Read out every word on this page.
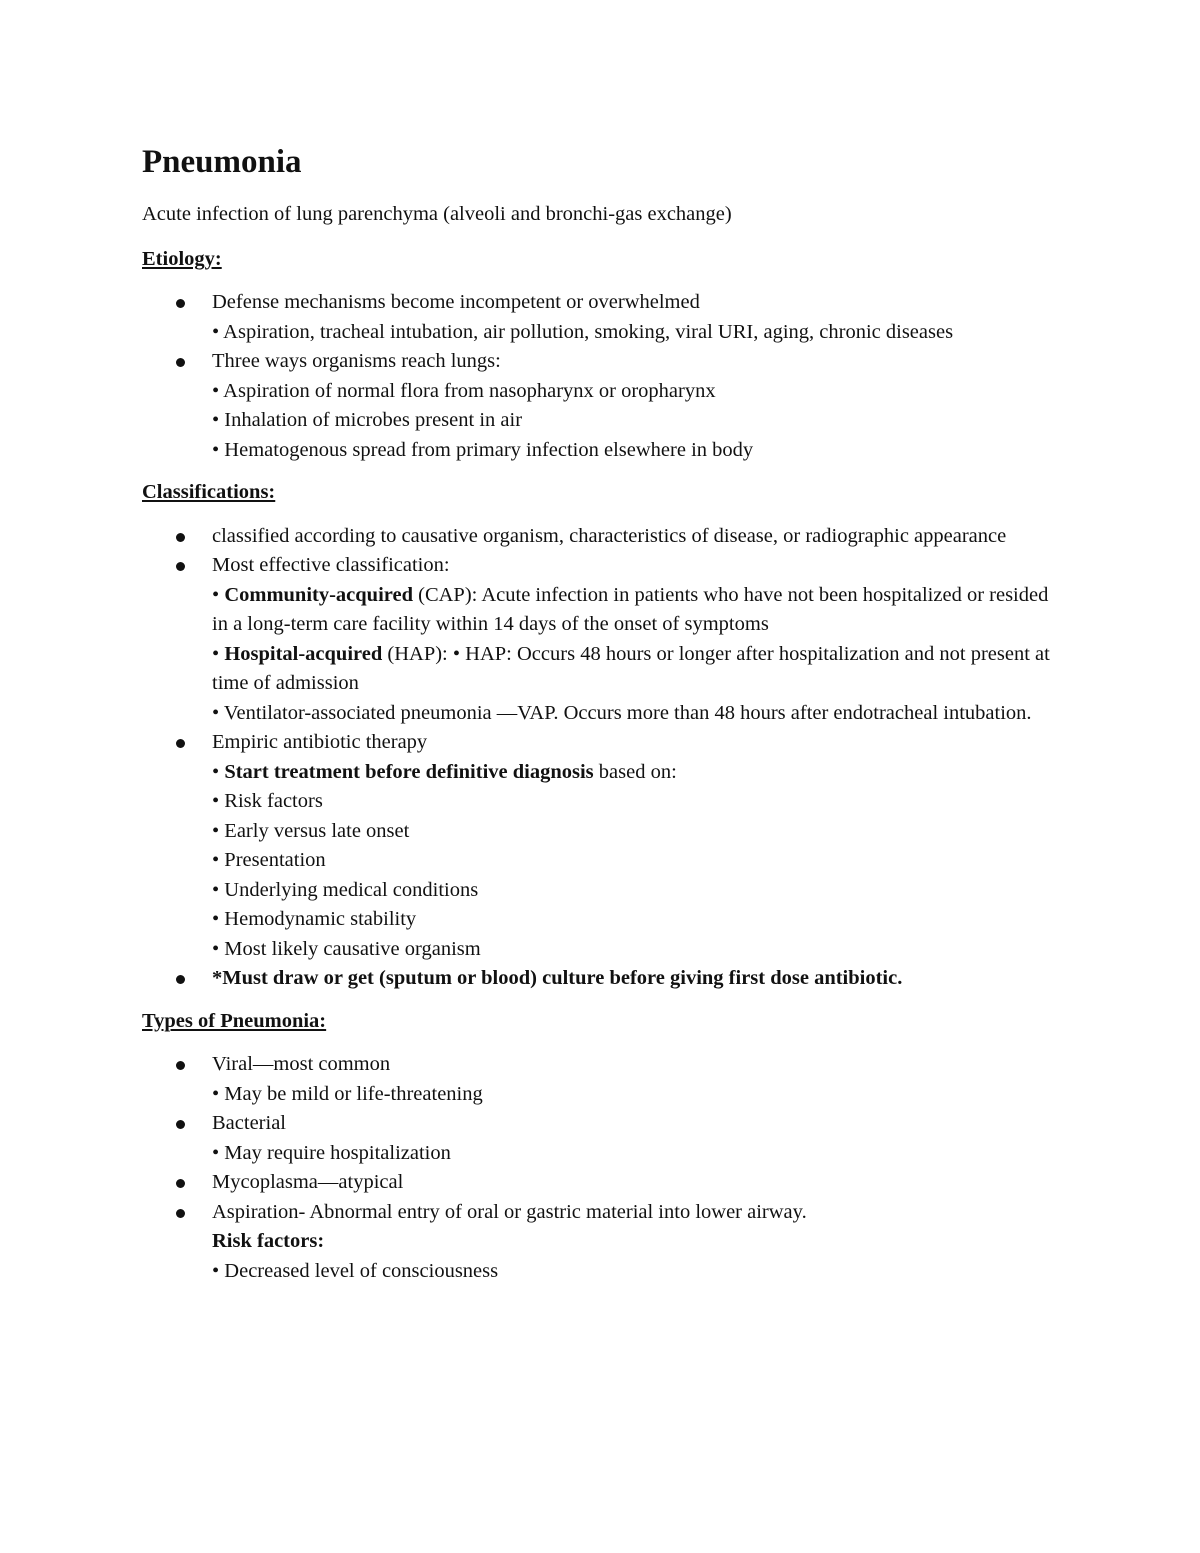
Pneumonia

Acute infection of lung parenchyma (alveoli and bronchi-gas exchange)

Etiology:

Defense mechanisms become incompetent or overwhelmed
• Aspiration, tracheal intubation, air pollution, smoking, viral URI, aging, chronic diseases
Three ways organisms reach lungs:
• Aspiration of normal flora from nasopharynx or oropharynx
• Inhalation of microbes present in air
• Hematogenous spread from primary infection elsewhere in body

Classifications:

classified according to causative organism, characteristics of disease, or radiographic appearance
Most effective classification:
• Community-acquired (CAP): Acute infection in patients who have not been hospitalized or resided in a long-term care facility within 14 days of the onset of symptoms
• Hospital-acquired (HAP): • HAP: Occurs 48 hours or longer after hospitalization and not present at time of admission
• Ventilator-associated pneumonia —VAP. Occurs more than 48 hours after endotracheal intubation.
Empiric antibiotic therapy
• Start treatment before definitive diagnosis based on:
• Risk factors
• Early versus late onset
• Presentation
• Underlying medical conditions
• Hemodynamic stability
• Most likely causative organism
*Must draw or get (sputum or blood) culture before giving first dose antibiotic.

Types of Pneumonia:

Viral—most common
• May be mild or life-threatening
Bacterial
• May require hospitalization
Mycoplasma—atypical
Aspiration- Abnormal entry of oral or gastric material into lower airway.
Risk factors:
• Decreased level of consciousness
